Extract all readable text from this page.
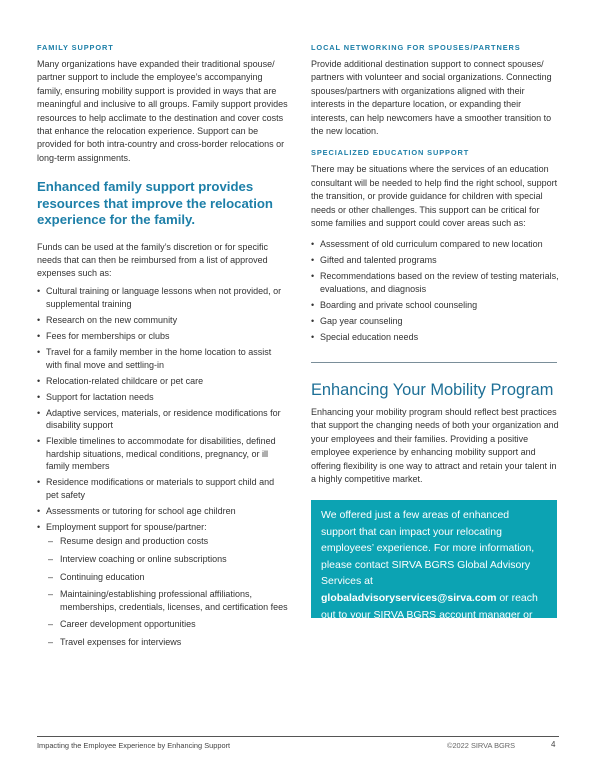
FAMILY SUPPORT

Many organizations have expanded their traditional spouse/ partner support to include the employee’s accompanying family, ensuring mobility support is provided in ways that are meaningful and inclusive to all groups. Family support provides resources to help acclimate to the destination and cover costs that enhance the relocation experience. Support can be provided for both intra-country and cross-border relocations or long-term assignments.

Enhanced family support provides resources that improve the relocation experience for the family.

Funds can be used at the family’s discretion or for specific needs that can then be reimbursed from a list of approved expenses such as:

• Cultural training or language lessons when not provided, or supplemental training
• Research on the new community
• Fees for memberships or clubs
• Travel for a family member in the home location to assist with final move and settling-in
• Relocation-related childcare or pet care
• Support for lactation needs
• Adaptive services, materials, or residence modifications for disability support
• Flexible timelines to accommodate for disabilities, defined hardship situations, medical conditions, pregnancy, or ill family members
• Residence modifications or materials to support child and pet safety
• Assessments or tutoring for school age children
• Employment support for spouse/partner:
– Resume design and production costs
– Interview coaching or online subscriptions
– Continuing education
– Maintaining/establishing professional affiliations, memberships, credentials, licenses, and certification fees
– Career development opportunities
– Travel expenses for interviews
LOCAL NETWORKING FOR SPOUSES/PARTNERS

Provide additional destination support to connect spouses/ partners with volunteer and social organizations. Connecting spouses/partners with organizations aligned with their interests in the departure location, or expanding their interests, can help newcomers have a smoother transition to the new location.

SPECIALIZED EDUCATION SUPPORT

There may be situations where the services of an education consultant will be needed to help find the right school, support the transition, or provide guidance for children with special needs or other challenges. This support can be critical for some families and support could cover areas such as:

• Assessment of old curriculum compared to new location
• Gifted and talented programs
• Recommendations based on the review of testing materials, evaluations, and diagnosis
• Boarding and private school counseling
• Gap year counseling
• Special education needs
Enhancing Your Mobility Program

Enhancing your mobility program should reflect best practices that support the changing needs of both your organization and your employees and their families. Providing a positive employee experience by enhancing mobility support and offering flexibility is one way to attract and retain your talent in a highly competitive market.

We offered just a few areas of enhanced support that can impact your relocating employees’ experience. For more information, please contact SIRVA BGRS Global Advisory Services at globaladvisoryservices@sirva.com or reach out to your SIRVA BGRS account manager or sales representative.

Impacting the Employee Experience by Enhancing Support	©2022 SIRVA BGRS	4
